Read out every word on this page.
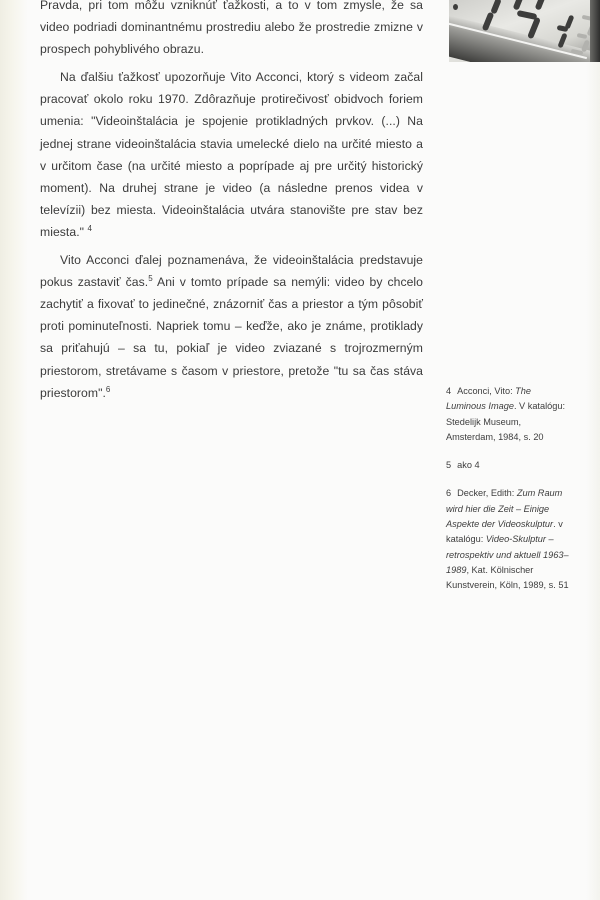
Pravda, pri tom môžu vzniknúť ťažkosti, a to v tom zmysle, že sa video podriadi dominantnému prostrediu alebo že prostredie zmizne v prospech pohyblivého obrazu.

Na ďalšiu ťažkosť upozorňuje Vito Acconci, ktorý s videom začal pracovať okolo roku 1970. Zdôrazňuje protirečivosť obidvoch foriem umenia: "Videoinštalácia je spojenie protikladných prvkov. (...) Na jednej strane videoinštalácia stavia umelecké dielo na určité miesto a v určitom čase (na určité miesto a poprípade aj pre určitý historický moment). Na druhej strane je video (a následne prenos videa v televízii) bez miesta. Videoinštalácia utvára stanovište pre stav bez miesta." $^4$

Vito Acconci ďalej poznamenáva, že videoinštalácia predstavuje pokus zastaviť čas.$^5$ Ani v tomto prípade sa nemýli: video by chcelo zachytiť a fixovať to jedinečné, znázorniť čas a priestor a tým pôsobiť proti pominuteľnosti. Napriek tomu – keďže, ako je známe, protiklady sa priťahujú – sa tu, pokiaľ je video zviazané s trojrozmerným priestorom, stretávame s časom v priestore, pretože "tu sa čas stáva priestorom".$^6$	4 Acconci, Vito: The Luminous Image. V katalógu: Stedelijk Museum, Amsterdam, 1984, s. 20
5 ako 4
6 Decker, Edith: Zum Raum wird hier die Zeit – Einige Aspekte der Videoskulptur. v katalógu: Video-Skulptur – retrospektiv und aktuell 1963–1989, Kat. Kölnischer Kunstverein, Köln, 1989, s. 51
